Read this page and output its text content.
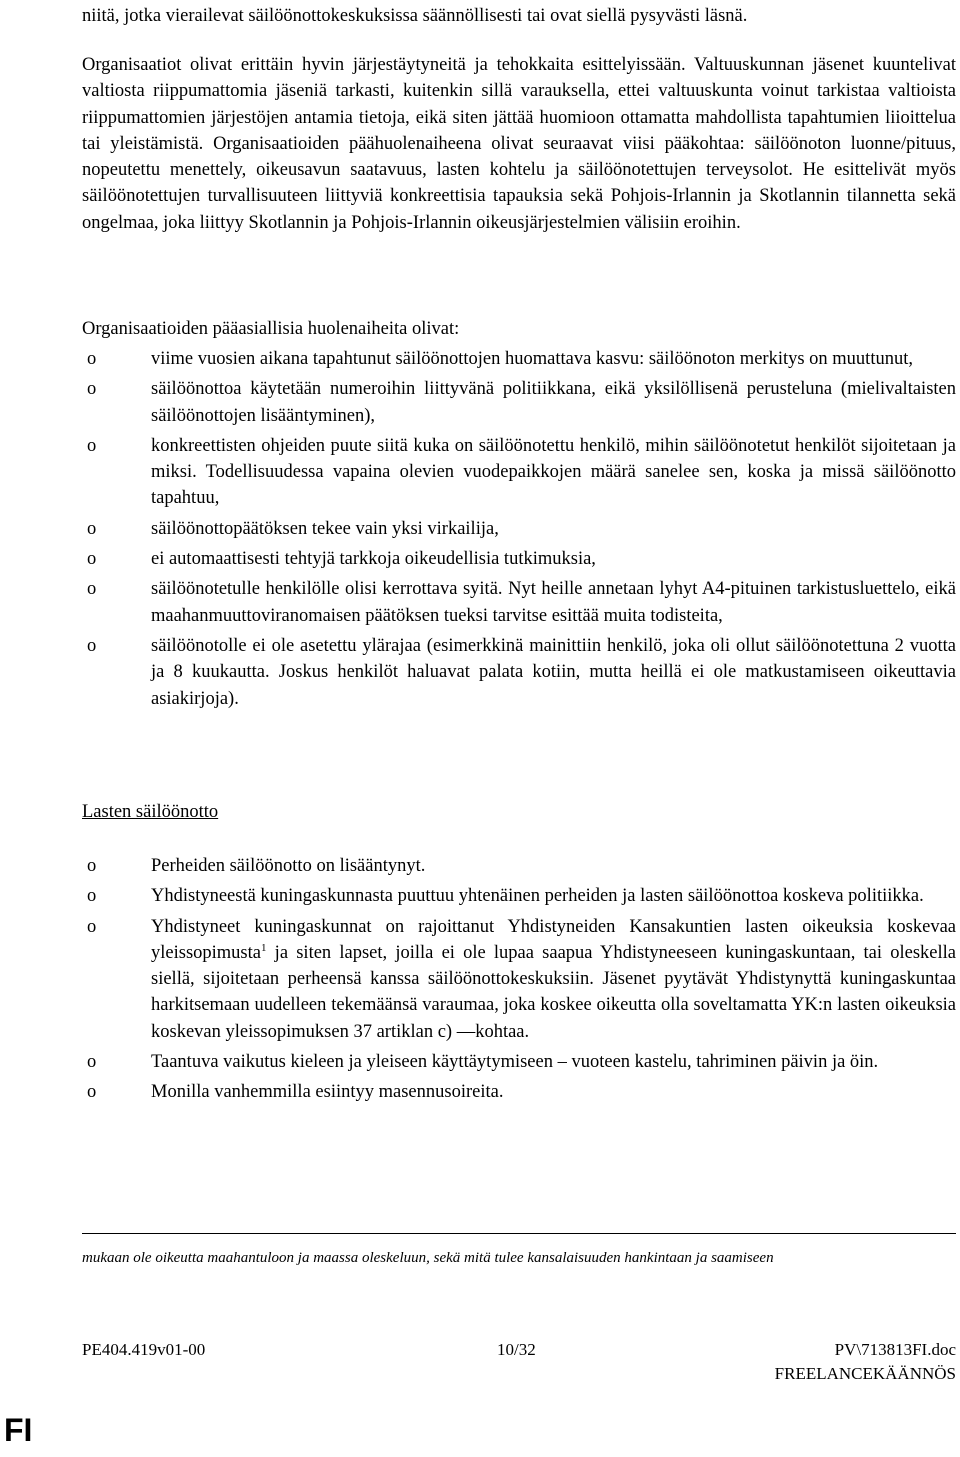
niitä, jotka vierailevat säilöönottokeskuksissa säännöllisesti tai ovat siellä pysyvästi läsnä.

Organisaatiot olivat erittäin hyvin järjestäytyneitä ja tehokkaita esittelyissään. Valtuuskunnan jäsenet kuuntelivat valtiosta riippumattomia jäseniä tarkasti, kuitenkin sillä varauksella, ettei valtuuskunta voinut tarkistaa valtioista riippumattomien järjestöjen antamia tietoja, eikä siten jättää huomioon ottamatta mahdollista tapahtumien liioittelua tai yleistämistä. Organisaatioiden päähuolenaiheena olivat seuraavat viisi pääkohtaa: säilöönoton luonne/pituus, nopeutettu menettely, oikeusavun saatavuus, lasten kohtelu ja säilöönotettujen terveysolot. He esittelivät myös säilöönotettujen turvallisuuteen liittyviä konkreettisia tapauksia sekä Pohjois-Irlannin ja Skotlannin tilannetta sekä ongelmaa, joka liittyy Skotlannin ja Pohjois-Irlannin oikeusjärjestelmien välisiin eroihin.

Organisaatioiden pääasiallisia huolenaiheita olivat:

o	viime vuosien aikana tapahtunut säilöönottojen huomattava kasvu: säilöönoton merkitys on muuttunut,
o	säilöönottoa käytetään numeroihin liittyvänä politiikkana, eikä yksilöllisenä perusteluna (mielivaltaisten säilöönottojen lisääntyminen),
o	konkreettisten ohjeiden puute siitä kuka on säilöönotettu henkilö, mihin säilöönotetut henkilöt sijoitetaan ja miksi. Todellisuudessa vapaina olevien vuodepaikkojen määrä sanelee sen, koska ja missä säilöönotto tapahtuu,
o	säilöönottopäätöksen tekee vain yksi virkailija,
o	ei automaattisesti tehtyjä tarkkoja oikeudellisia tutkimuksia,
o	säilöönotetulle henkilölle olisi kerrottava syitä. Nyt heille annetaan lyhyt A4-pituinen tarkistusluettelo, eikä maahanmuuttoviranomaisen päätöksen tueksi tarvitse esittää muita todisteita,
o	säilöönotolle ei ole asetettu ylärajaa (esimerkkinä mainittiin henkilö, joka oli ollut säilöönotettuna 2 vuotta ja 8 kuukautta. Joskus henkilöt haluavat palata kotiin, mutta heillä ei ole matkustamiseen oikeuttavia asiakirjoja).
Lasten säilöönotto
o	Perheiden säilöönotto on lisääntynyt.
o	Yhdistyneestä kuningaskunnasta puuttuu yhtenäinen perheiden ja lasten säilöönottoa koskeva politiikka.
o	Yhdistyneet kuningaskunnat on rajoittanut Yhdistyneiden Kansakuntien lasten oikeuksia koskevaa yleissopimusta$^1$ ja siten lapset, joilla ei ole lupaa saapua Yhdistyneeseen kuningaskuntaan, tai oleskella siellä, sijoitetaan perheensä kanssa säilöönottokeskuksiin. Jäsenet pyytävät Yhdistynyttä kuningaskuntaa harkitsemaan uudelleen tekemäänsä varaumaa, joka koskee oikeutta olla soveltamatta YK:n lasten oikeuksia koskevan yleissopimuksen 37 artiklan c) —kohtaa.
o	Taantuva vaikutus kieleen ja yleiseen käyttäytymiseen – vuoteen kastelu, tahriminen päivin ja öin.
o	Monilla vanhemmilla esiintyy masennusoireita.

mukaan ole oikeutta maahantuloon ja maassa oleskeluun, sekä mitä tulee kansalaisuuden hankintaan ja saamiseen

PE404.419v01-00	10/32	PV\713813FI.doc
FREELANCEKÄÄNNÖS
FI
